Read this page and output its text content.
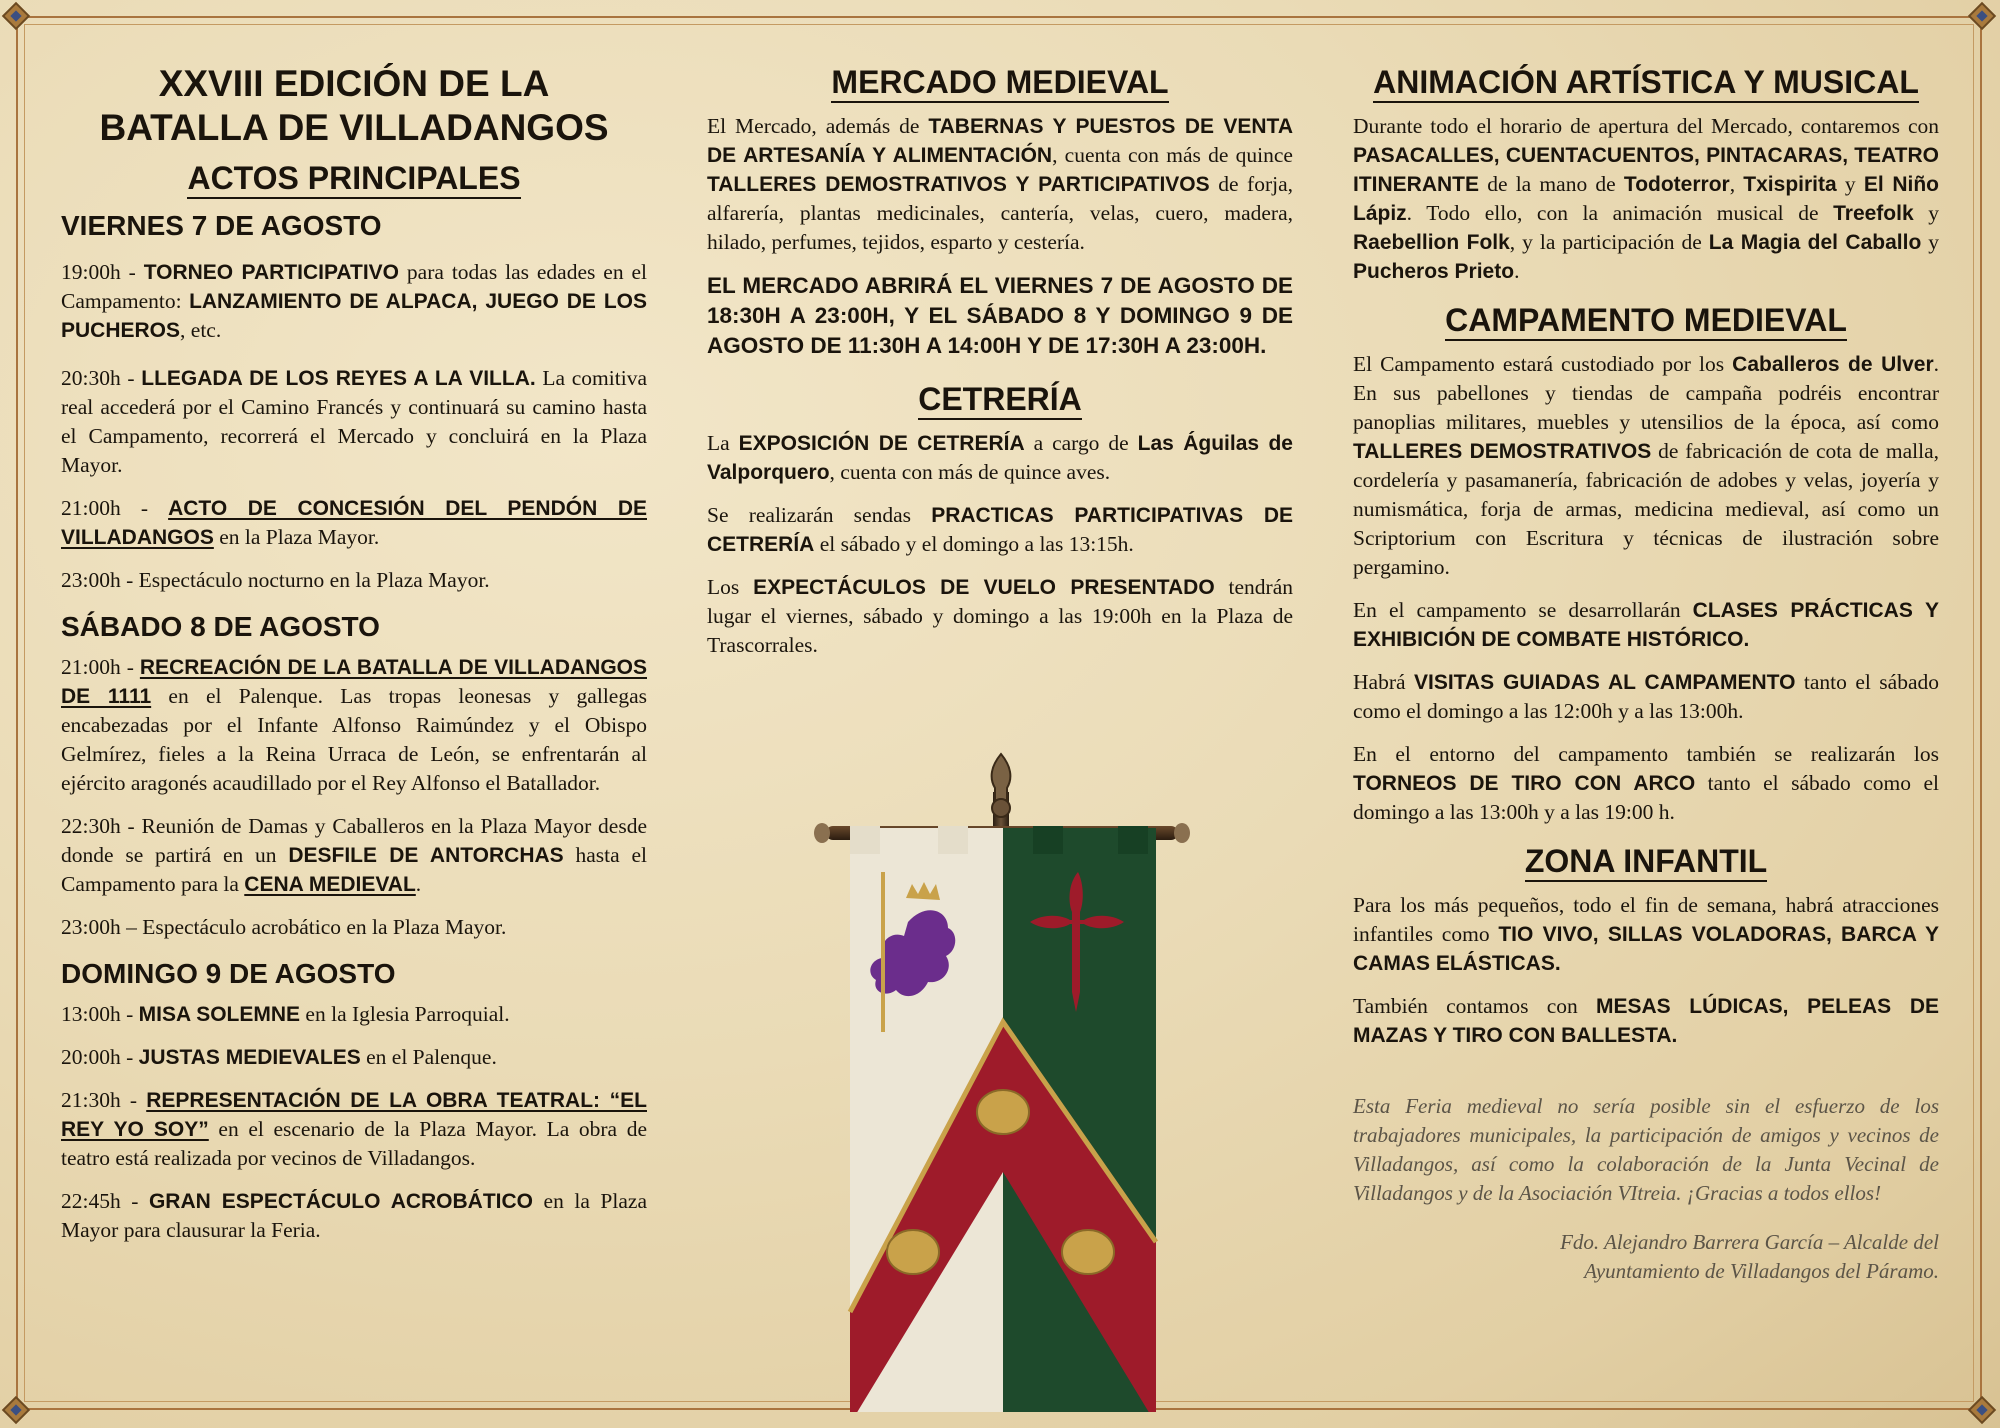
XXVIII EDICIÓN DE LA
BATALLA DE VILLADANGOS
ACTOS PRINCIPALES
VIERNES 7 DE AGOSTO

19:00h - TORNEO PARTICIPATIVO para todas las edades en el Campamento: LANZAMIENTO DE ALPACA, JUEGO DE LOS PUCHEROS, etc.

20:30h - LLEGADA DE LOS REYES A LA VILLA. La comitiva real accederá por el Camino Francés y continuará su camino hasta el Campamento, recorrerá el Mercado y concluirá en la Plaza Mayor.

21:00h - ACTO DE CONCESIÓN DEL PENDÓN DE VILLADANGOS en la Plaza Mayor.

23:00h - Espectáculo nocturno en la Plaza Mayor.

SÁBADO 8 DE AGOSTO

21:00h - RECREACIÓN DE LA BATALLA DE VILLADANGOS DE 1111 en el Palenque. Las tropas leonesas y gallegas encabezadas por el Infante Alfonso Raimúndez y el Obispo Gelmírez, fieles a la Reina Urraca de León, se enfrentarán al ejército aragonés acaudillado por el Rey Alfonso el Batallador.

22:30h - Reunión de Damas y Caballeros en la Plaza Mayor desde donde se partirá en un DESFILE DE ANTORCHAS hasta el Campamento para la CENA MEDIEVAL.

23:00h – Espectáculo acrobático en la Plaza Mayor.

DOMINGO 9 DE AGOSTO

13:00h - MISA SOLEMNE en la Iglesia Parroquial.

20:00h - JUSTAS MEDIEVALES en el Palenque.

21:30h - REPRESENTACIÓN DE LA OBRA TEATRAL: “EL REY YO SOY” en el escenario de la Plaza Mayor. La obra de teatro está realizada por vecinos de Villadangos.

22:45h - GRAN ESPECTÁCULO ACROBÁTICO en la Plaza Mayor para clausurar la Feria.

MERCADO MEDIEVAL

El Mercado, además de TABERNAS Y PUESTOS DE VENTA DE ARTESANÍA Y ALIMENTACIÓN, cuenta con más de quince TALLERES DEMOSTRATIVOS Y PARTICIPATIVOS de forja, alfarería, plantas medicinales, cantería, velas, cuero, madera, hilado, perfumes, tejidos, esparto y cestería.

EL MERCADO ABRIRÁ EL VIERNES 7 DE AGOSTO DE 18:30H A 23:00H, Y EL SÁBADO 8 Y DOMINGO 9 DE AGOSTO DE 11:30H A 14:00H Y DE 17:30H A 23:00H.
CETRERÍA

La EXPOSICIÓN DE CETRERÍA a cargo de Las Águilas de Valporquero, cuenta con más de quince aves.

Se realizarán sendas PRACTICAS PARTICIPATIVAS DE CETRERÍA el sábado y el domingo a las 13:15h.

Los EXPECTÁCULOS DE VUELO PRESENTADO tendrán lugar el viernes, sábado y domingo a las 19:00h en la Plaza de Trascorrales.

ANIMACIÓN ARTÍSTICA Y MUSICAL

Durante todo el horario de apertura del Mercado, contaremos con PASACALLES, CUENTACUENTOS, PINTACARAS, TEATRO ITINERANTE de la mano de Todoterror, Txispirita y El Niño Lápiz. Todo ello, con la animación musical de Treefolk y Raebellion Folk, y la participación de La Magia del Caballo y Pucheros Prieto.

CAMPAMENTO MEDIEVAL

El Campamento estará custodiado por los Caballeros de Ulver. En sus pabellones y tiendas de campaña podréis encontrar panoplias militares, muebles y utensilios de la época, así como TALLERES DEMOSTRATIVOS de fabricación de cota de malla, cordelería y pasamanería, fabricación de adobes y velas, joyería y numismática, forja de armas, medicina medieval, así como un Scriptorium con Escritura y técnicas de ilustración sobre pergamino.

En el campamento se desarrollarán CLASES PRÁCTICAS Y EXHIBICIÓN DE COMBATE HISTÓRICO.

Habrá VISITAS GUIADAS AL CAMPAMENTO tanto el sábado como el domingo a las 12:00h y a las 13:00h.

En el entorno del campamento también se realizarán los TORNEOS DE TIRO CON ARCO tanto el sábado como el domingo a las 13:00h y a las 19:00 h.

ZONA INFANTIL

Para los más pequeños, todo el fin de semana, habrá atracciones infantiles como TIO VIVO, SILLAS VOLADORAS, BARCA Y CAMAS ELÁSTICAS.

También contamos con MESAS LÚDICAS, PELEAS DE MAZAS Y TIRO CON BALLESTA.

Esta Feria medieval no sería posible sin el esfuerzo de los trabajadores municipales, la participación de amigos y vecinos de Villadangos, así como la colaboración de la Junta Vecinal de Villadangos y de la Asociación VItreia. ¡Gracias a todos ellos!

Fdo. Alejandro Barrera García – Alcalde del
Ayuntamiento de Villadangos del Páramo.
